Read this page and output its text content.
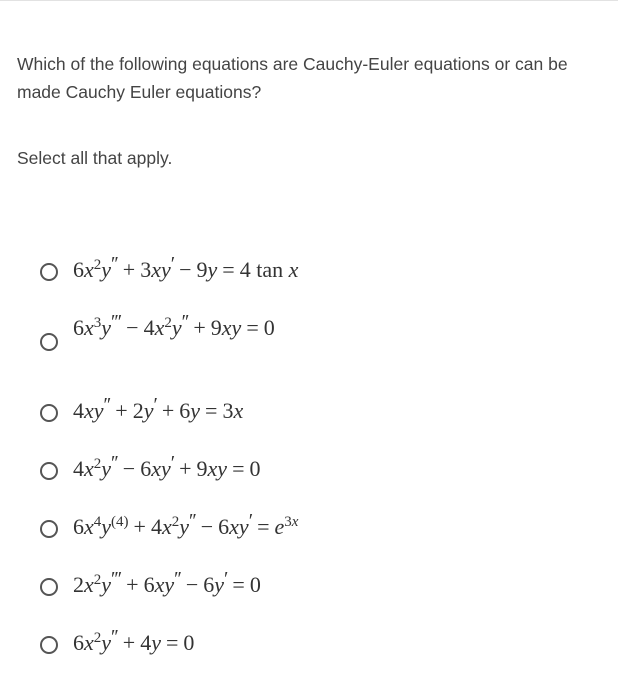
Which of the following equations are Cauchy-Euler equations or can be made Cauchy Euler equations?

Select all that apply.

$6x^2y'' + 3xy' - 9y = 4$ tan x
$6x^3y''' - 4x^2y'' + 9xy = 0$
4xy′′ + 2y′ + 6y = 3x
$4x^2y'' - 6xy' + 9xy = 0$
$6x^4y^{(4)} + 4x^2y'' - 6xy' = e^{3x}$
$2x^2y''' + 6xy'' - 6y' = 0$
$6x^2y'' + 4y = 0$
